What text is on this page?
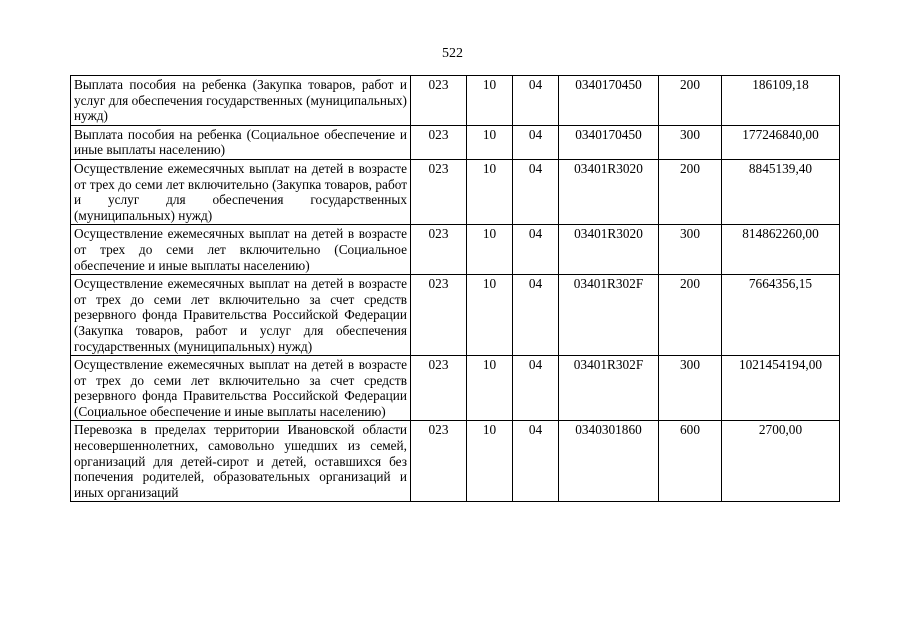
522
Выплата пособия на ребенка (Закупка товаров, работ и услуг для обеспечения государственных (муниципальных) нужд)	023	10	04	0340170450	200	186109,18
Выплата пособия на ребенка (Социальное обеспечение и иные выплаты населению)	023	10	04	0340170450	300	177246840,00
Осуществление ежемесячных выплат на детей в возрасте от трех до семи лет включительно (Закупка товаров, работ и услуг для обеспечения государственных (муниципальных) нужд)	023	10	04	03401R3020	200	8845139,40
Осуществление ежемесячных выплат на детей в возрасте от трех до семи лет включительно (Социальное обеспечение и иные выплаты населению)	023	10	04	03401R3020	300	814862260,00
Осуществление ежемесячных выплат на детей в возрасте от трех до семи лет включительно за счет средств резервного фонда Правительства Российской Федерации (Закупка товаров, работ и услуг для обеспечения государственных (муниципальных) нужд)	023	10	04	03401R302F	200	7664356,15
Осуществление ежемесячных выплат на детей в возрасте от трех до семи лет включительно за счет средств резервного фонда Правительства Российской Федерации (Социальное обеспечение и иные выплаты населению)	023	10	04	03401R302F	300	1021454194,00
Перевозка в пределах территории Ивановской области несовершеннолетних, самовольно ушедших из семей, организаций для детей-сирот и детей, оставшихся без попечения родителей, образовательных организаций и иных организаций	023	10	04	0340301860	600	2700,00
